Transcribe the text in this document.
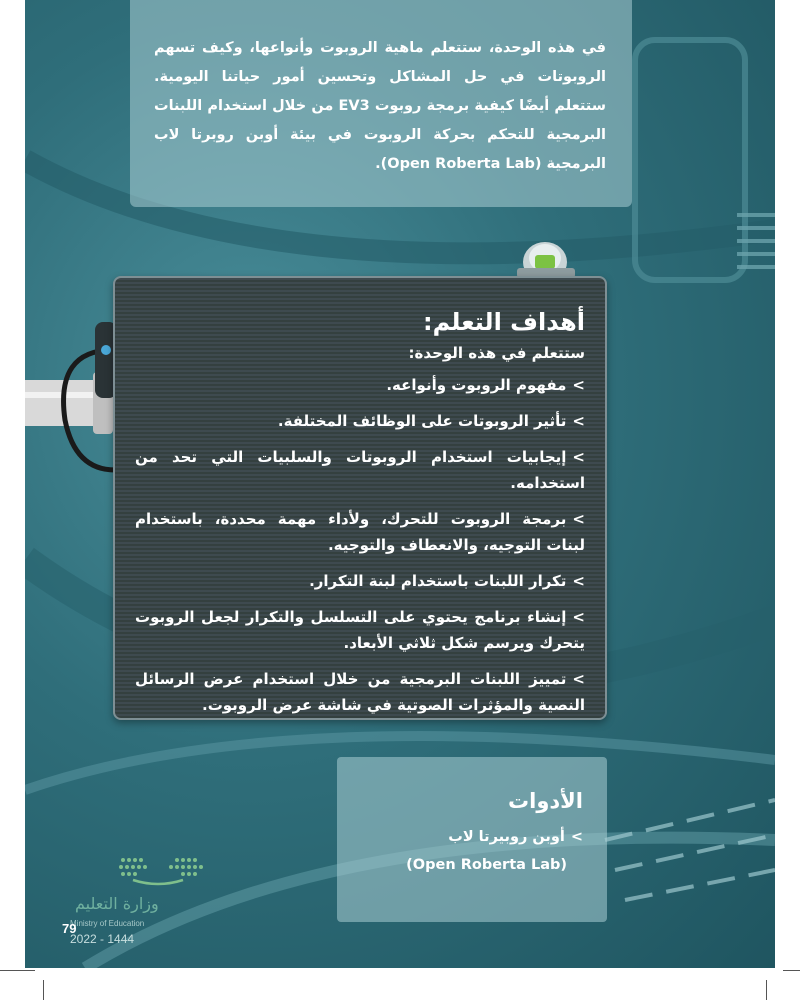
في هذه الوحدة، ستتعلم ماهية الروبوت وأنواعها، وكيف تسهم الروبوتات في حل المشاكل وتحسين أمور حياتنا اليومية. ستتعلم أيضًا كيفية برمجة روبوت EV3 من خلال استخدام اللبنات البرمجية للتحكم بحركة الروبوت في بيئة أوبن روبرتا لاب البرمجية (Open Roberta Lab).

أهداف التعلم:
ستتعلم في هذه الوحدة:
>مفهوم الروبوت وأنواعه.
>تأثير الروبوتات على الوظائف المختلفة.
>إيجابيات استخدام الروبوتات والسلبيات التي تحد من استخدامه.
>برمجة الروبوت للتحرك، ولأداء مهمة محددة، باستخدام لبنات التوجيه، والانعطاف والتوجيه.
>تكرار اللبنات باستخدام لبنة التكرار.
>إنشاء برنامج يحتوي على التسلسل والتكرار لجعل الروبوت يتحرك ويرسم شكل ثلاثي الأبعاد.
>تمييز اللبنات البرمجية من خلال استخدام عرض الرسائل النصية والمؤثرات الصوتية في شاشة عرض الروبوت.
الأدوات
>أوبن روبيرتا لاب
(Open Roberta Lab)
وزارة التعليم
Ministry of Education
2022 - 1444
79
